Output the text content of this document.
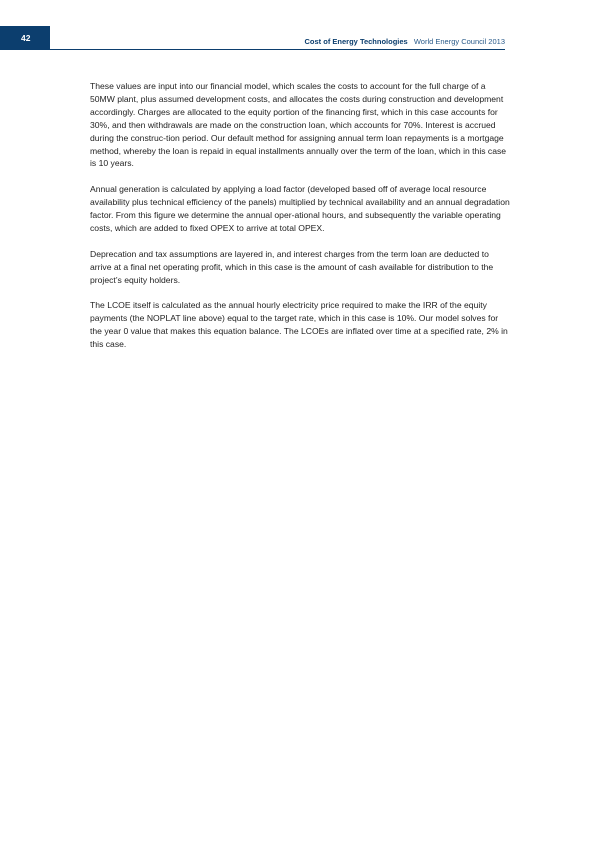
42	Cost of Energy Technologies World Energy Council 2013

These values are input into our financial model, which scales the costs to account for the full charge of a 50MW plant, plus assumed development costs, and allocates the costs during construction and development accordingly. Charges are allocated to the equity portion of the financing first, which in this case accounts for 30%, and then withdrawals are made on the construction loan, which accounts for 70%. Interest is accrued during the construc-tion period. Our default method for assigning annual term loan repayments is a mortgage method, whereby the loan is repaid in equal installments annually over the term of the loan, which in this case is 10 years.

Annual generation is calculated by applying a load factor (developed based off of average local resource availability plus technical efficiency of the panels) multiplied by technical availability and an annual degradation factor. From this figure we determine the annual oper-ational hours, and subsequently the variable operating costs, which are added to fixed OPEX to arrive at total OPEX.

Deprecation and tax assumptions are layered in, and interest charges from the term loan are deducted to arrive at a final net operating profit, which in this case is the amount of cash available for distribution to the project’s equity holders.

The LCOE itself is calculated as the annual hourly electricity price required to make the IRR of the equity payments (the NOPLAT line above) equal to the target rate, which in this case is 10%. Our model solves for the year 0 value that makes this equation balance. The LCOEs are inflated over time at a specified rate, 2% in this case.
